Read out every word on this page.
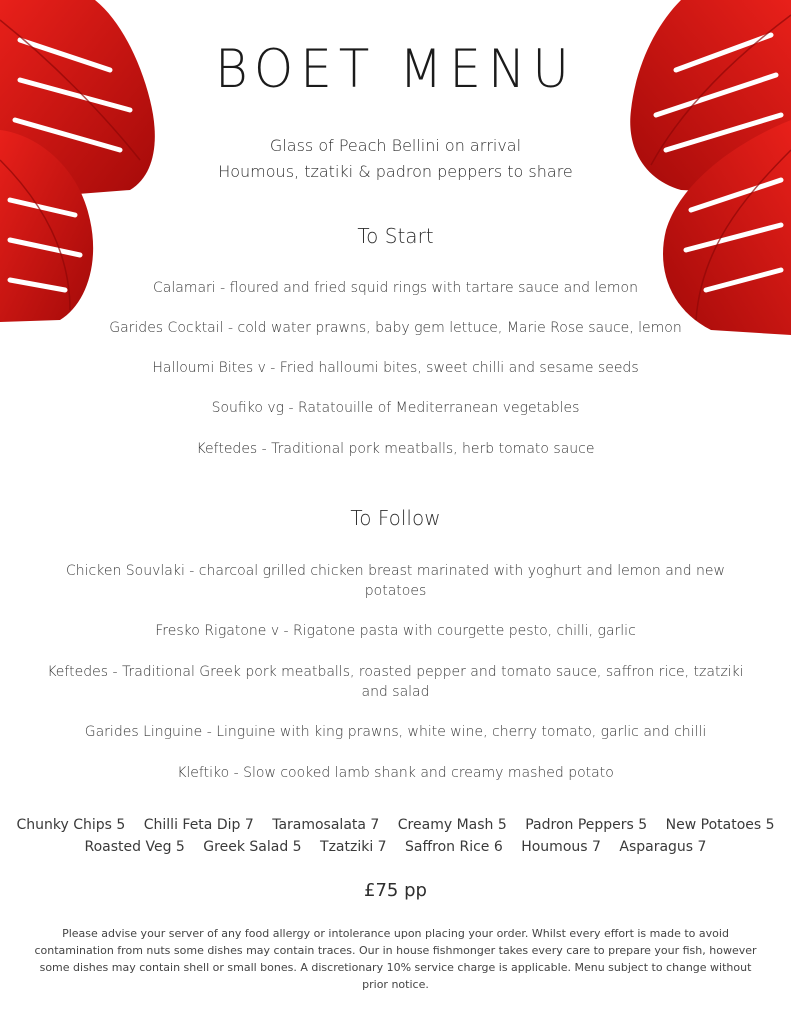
BOET MENU
Glass of Peach Bellini on arrival
Houmous, tzatiki & padron peppers to share
To Start
Calamari - floured and fried squid rings with tartare sauce and lemon
Garides Cocktail - cold water prawns, baby gem lettuce, Marie Rose sauce, lemon
Halloumi Bites v - Fried halloumi bites, sweet chilli and sesame seeds
Soufiko vg - Ratatouille of Mediterranean vegetables
Keftedes - Traditional pork meatballs, herb tomato sauce
To Follow
Chicken Souvlaki - charcoal grilled chicken breast marinated with yoghurt and lemon and new potatoes
Fresko Rigatone v - Rigatone pasta with courgette pesto, chilli, garlic
Keftedes - Traditional Greek pork meatballs, roasted pepper and tomato sauce, saffron rice, tzatziki and salad
Garides Linguine - Linguine with king prawns, white wine, cherry tomato, garlic and chilli
Kleftiko - Slow cooked lamb shank and creamy mashed potato
Chunky Chips 5 Chilli Feta Dip 7 Taramosalata 7 Creamy Mash 5 Padron Peppers 5 New Potatoes 5
Roasted Veg 5 Greek Salad 5 Tzatziki 7 Saffron Rice 6 Houmous 7 Asparagus 7
£75 pp
Please advise your server of any food allergy or intolerance upon placing your order. Whilst every effort is made to avoid contamination from nuts some dishes may contain traces. Our in house fishmonger takes every care to prepare your fish, however some dishes may contain shell or small bones. A discretionary 10% service charge is applicable. Menu subject to change without prior notice.
